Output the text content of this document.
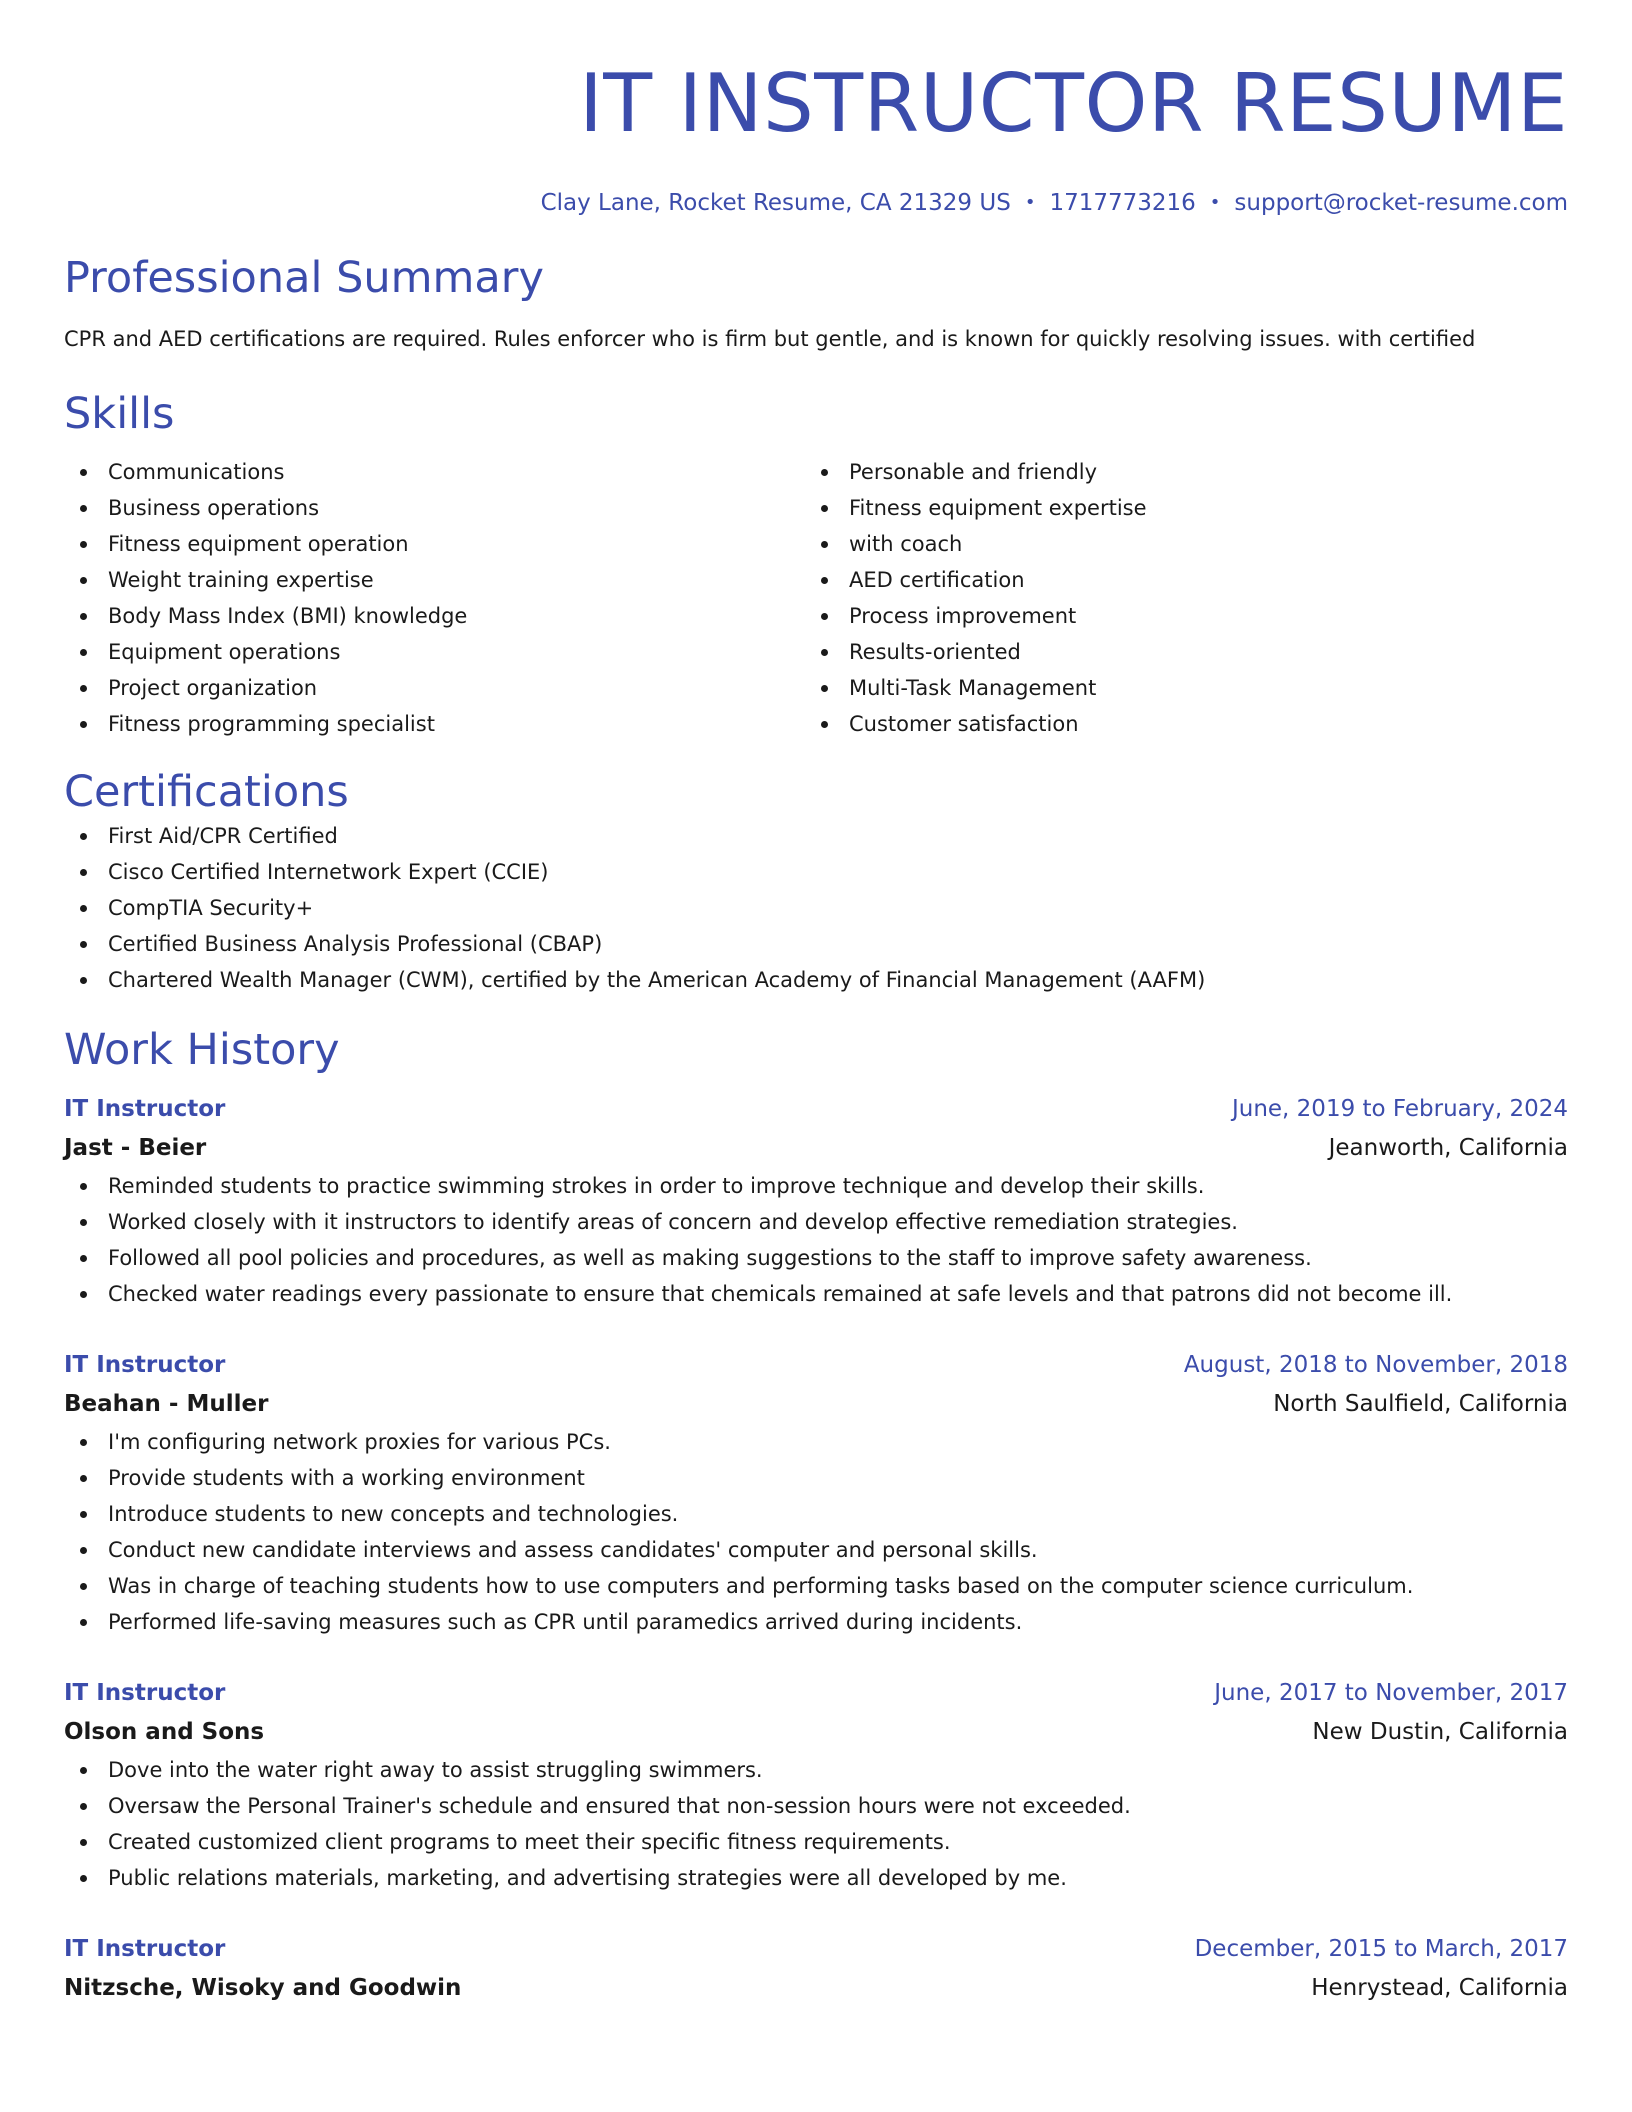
IT INSTRUCTOR RESUME
Clay Lane, Rocket Resume, CA 21329 US • 1717773216 • support@rocket-resume.com
Professional Summary
CPR and AED certifications are required. Rules enforcer who is firm but gentle, and is known for quickly resolving issues. with certified
Skills
Communications
Business operations
Fitness equipment operation
Weight training expertise
Body Mass Index (BMI) knowledge
Equipment operations
Project organization
Fitness programming specialist
Personable and friendly
Fitness equipment expertise
with coach
AED certification
Process improvement
Results-oriented
Multi-Task Management
Customer satisfaction
Certifications
First Aid/CPR Certified
Cisco Certified Internetwork Expert (CCIE)
CompTIA Security+
Certified Business Analysis Professional (CBAP)
Chartered Wealth Manager (CWM), certified by the American Academy of Financial Management (AAFM)
Work History
IT Instructor	June, 2019 to February, 2024
Jast - Beier	Jeanworth, California
Reminded students to practice swimming strokes in order to improve technique and develop their skills.
Worked closely with it instructors to identify areas of concern and develop effective remediation strategies.
Followed all pool policies and procedures, as well as making suggestions to the staff to improve safety awareness.
Checked water readings every passionate to ensure that chemicals remained at safe levels and that patrons did not become ill.
IT Instructor	August, 2018 to November, 2018
Beahan - Muller	North Saulfield, California
I'm configuring network proxies for various PCs.
Provide students with a working environment
Introduce students to new concepts and technologies.
Conduct new candidate interviews and assess candidates' computer and personal skills.
Was in charge of teaching students how to use computers and performing tasks based on the computer science curriculum.
Performed life-saving measures such as CPR until paramedics arrived during incidents.
IT Instructor	June, 2017 to November, 2017
Olson and Sons	New Dustin, California
Dove into the water right away to assist struggling swimmers.
Oversaw the Personal Trainer's schedule and ensured that non-session hours were not exceeded.
Created customized client programs to meet their specific fitness requirements.
Public relations materials, marketing, and advertising strategies were all developed by me.
IT Instructor	December, 2015 to March, 2017
Nitzsche, Wisoky and Goodwin	Henrystead, California
